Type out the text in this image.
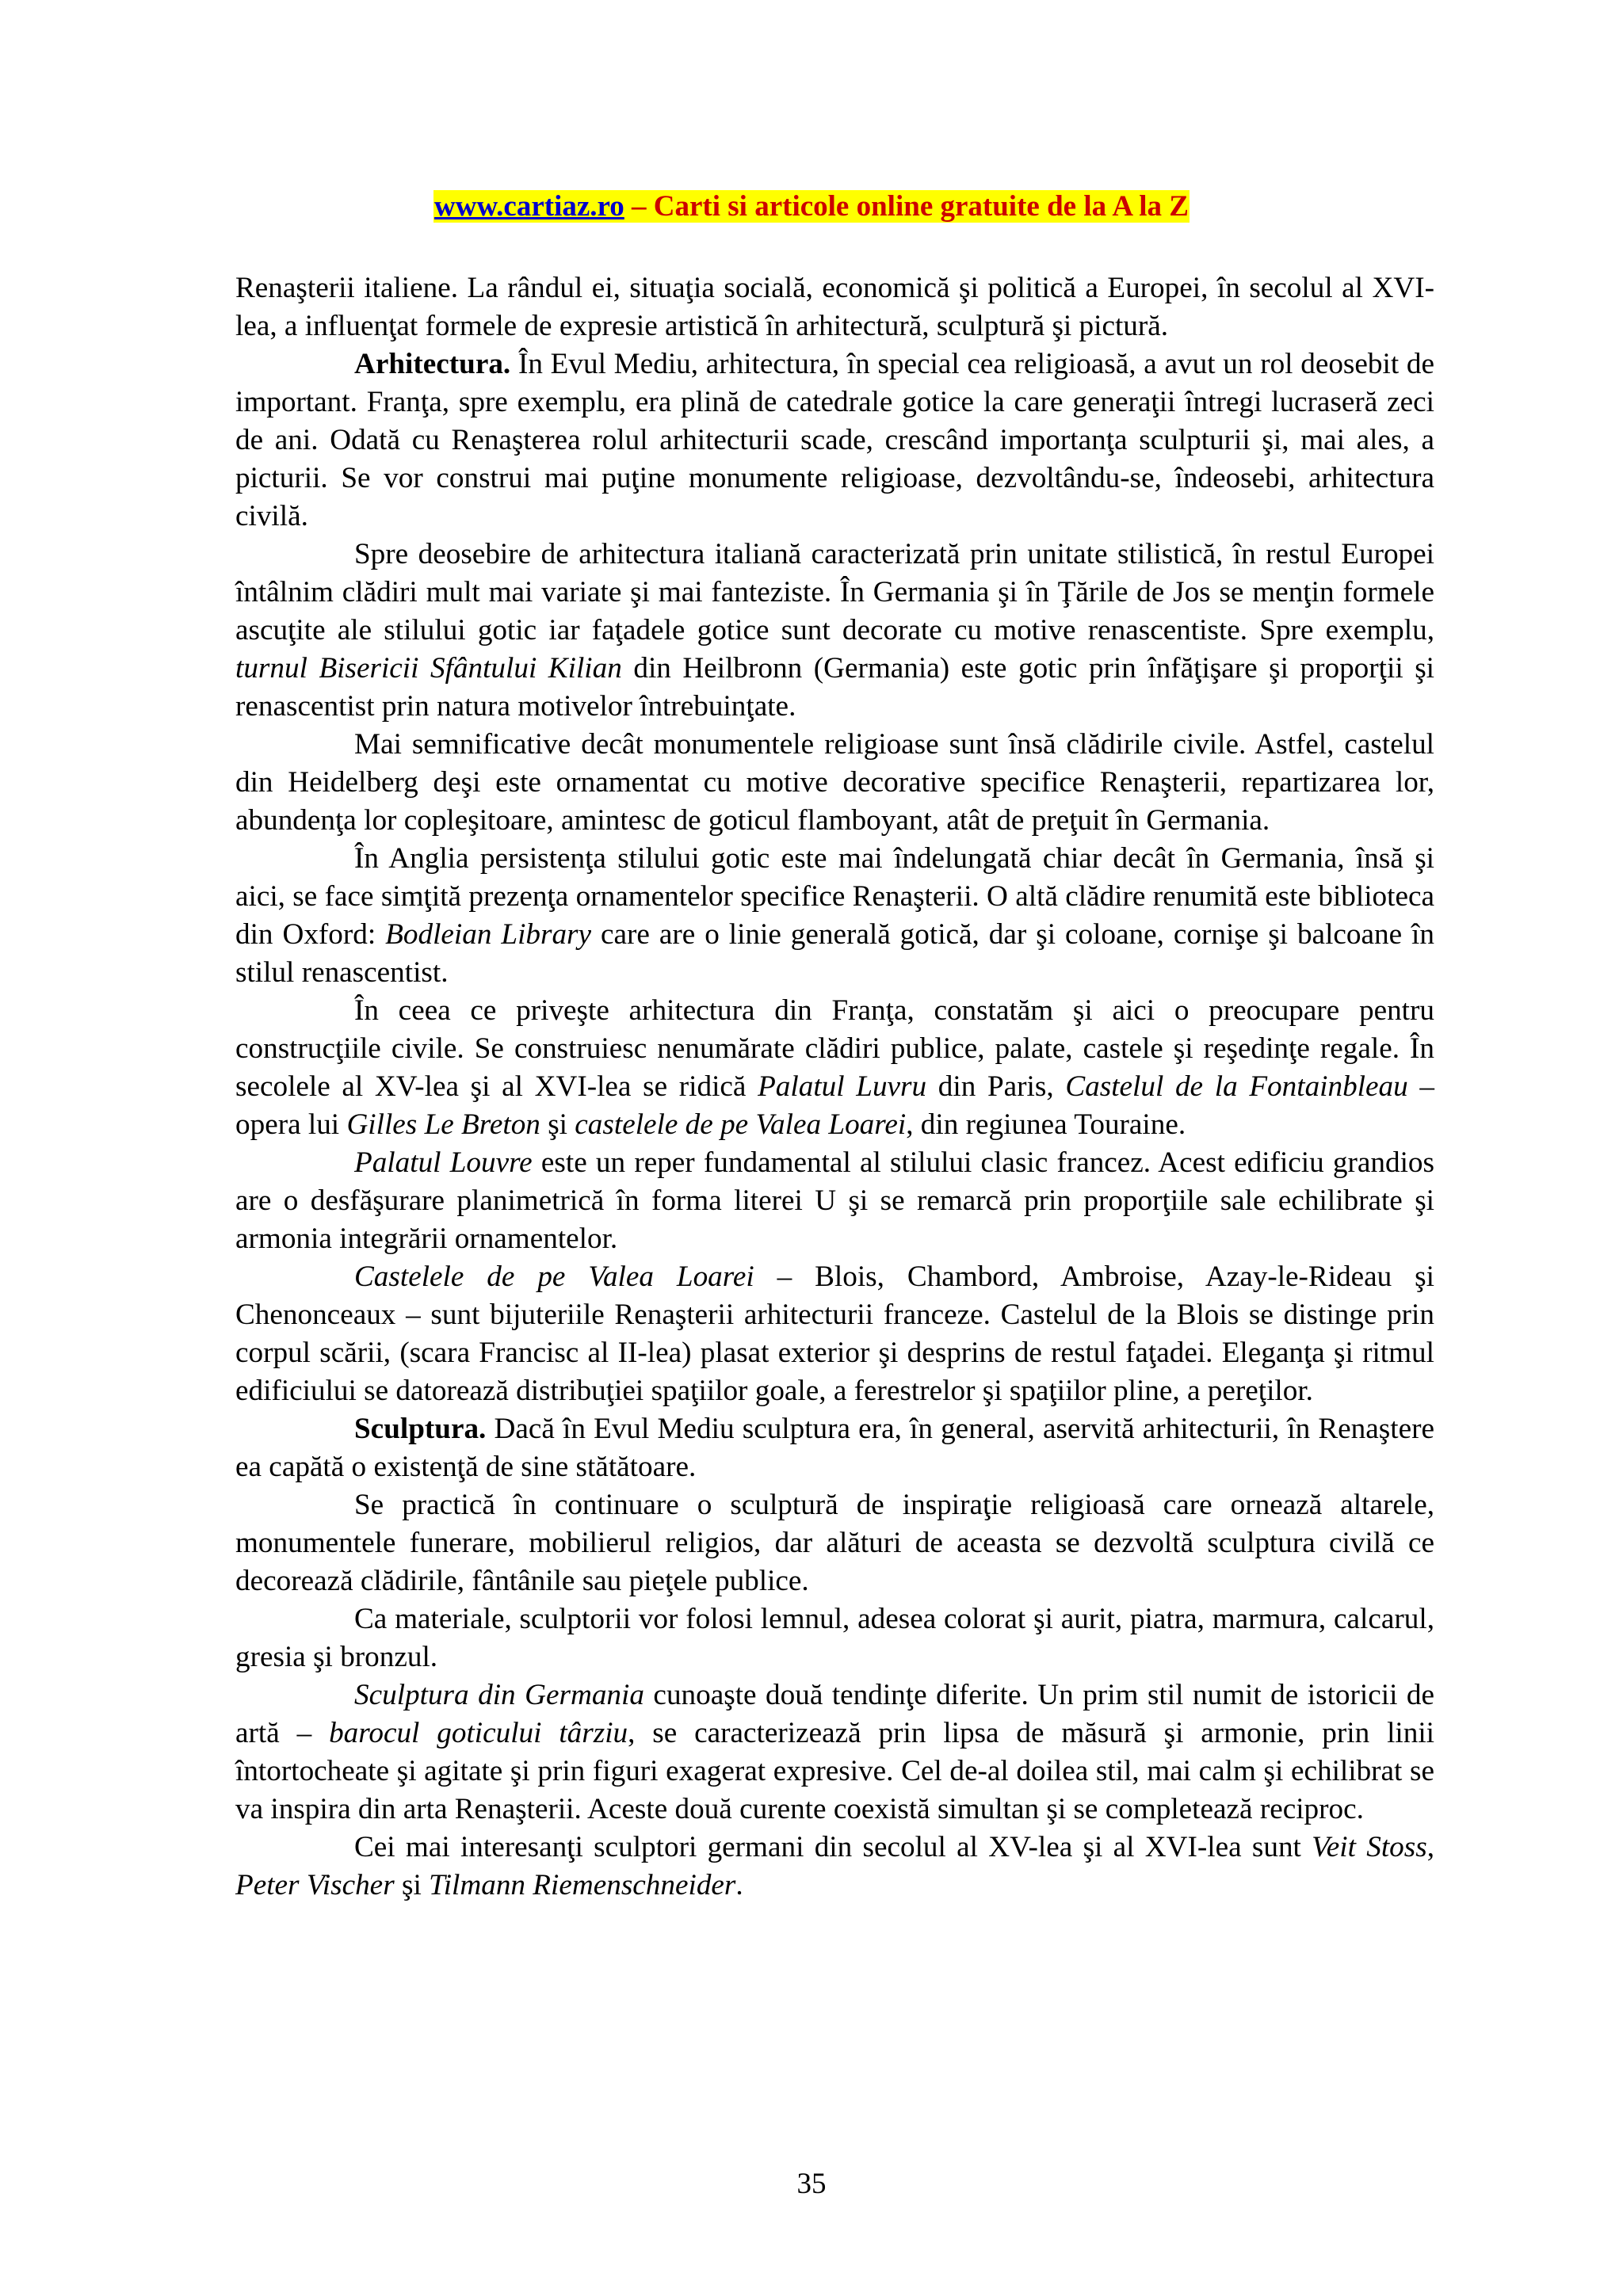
www.cartiaz.ro – Carti si articole online gratuite de la A la Z

Renaşterii italiene. La rândul ei, situaţia socială, economică şi politică a Europei, în secolul al XVI-lea, a influenţat formele de expresie artistică în arhitectură, sculptură şi pictură.

Arhitectura. În Evul Mediu, arhitectura, în special cea religioasă, a avut un rol deosebit de important. Franţa, spre exemplu, era plină de catedrale gotice la care generaţii întregi lucraseră zeci de ani. Odată cu Renaşterea rolul arhitecturii scade, crescând importanţa sculpturii şi, mai ales, a picturii. Se vor construi mai puţine monumente religioase, dezvoltându-se, îndeosebi, arhitectura civilă.

Spre deosebire de arhitectura italiană caracterizată prin unitate stilistică, în restul Europei întâlnim clădiri mult mai variate şi mai fanteziste. În Germania şi în Ţările de Jos se menţin formele ascuţite ale stilului gotic iar faţadele gotice sunt decorate cu motive renascentiste. Spre exemplu, turnul Bisericii Sfântului Kilian din Heilbronn (Germania) este gotic prin înfăţişare şi proporţii şi renascentist prin natura motivelor întrebuinţate.

Mai semnificative decât monumentele religioase sunt însă clădirile civile. Astfel, castelul din Heidelberg deşi este ornamentat cu motive decorative specifice Renaşterii, repartizarea lor, abundenţa lor copleşitoare, amintesc de goticul flamboyant, atât de preţuit în Germania.

În Anglia persistenţa stilului gotic este mai îndelungată chiar decât în Germania, însă şi aici, se face simţită prezenţa ornamentelor specifice Renaşterii. O altă clădire renumită este biblioteca din Oxford: Bodleian Library care are o linie generală gotică, dar şi coloane, cornişe şi balcoane în stilul renascentist.

În ceea ce priveşte arhitectura din Franţa, constatăm şi aici o preocupare pentru construcţiile civile. Se construiesc nenumărate clădiri publice, palate, castele şi reşedinţe regale. În secolele al XV-lea şi al XVI-lea se ridică Palatul Luvru din Paris, Castelul de la Fontainbleau – opera lui Gilles Le Breton şi castelele de pe Valea Loarei, din regiunea Touraine.

Palatul Louvre este un reper fundamental al stilului clasic francez. Acest edificiu grandios are o desfăşurare planimetrică în forma literei U şi se remarcă prin proporţiile sale echilibrate şi armonia integrării ornamentelor.

Castelele de pe Valea Loarei – Blois, Chambord, Ambroise, Azay-le-Rideau şi Chenonceaux – sunt bijuteriile Renaşterii arhitecturii franceze. Castelul de la Blois se distinge prin corpul scării, (scara Francisc al II-lea) plasat exterior şi desprins de restul faţadei. Eleganţa şi ritmul edificiului se datorează distribuţiei spaţiilor goale, a ferestrelor şi spaţiilor pline, a pereţilor.

Sculptura. Dacă în Evul Mediu sculptura era, în general, aservită arhitecturii, în Renaştere ea capătă o existenţă de sine stătătoare.

Se practică în continuare o sculptură de inspiraţie religioasă care ornează altarele, monumentele funerare, mobilierul religios, dar alături de aceasta se dezvoltă sculptura civilă ce decorează clădirile, fântânile sau pieţele publice.

Ca materiale, sculptorii vor folosi lemnul, adesea colorat şi aurit, piatra, marmura, calcarul, gresia şi bronzul.

Sculptura din Germania cunoaşte două tendinţe diferite. Un prim stil numit de istoricii de artă – barocul goticului târziu, se caracterizează prin lipsa de măsură şi armonie, prin linii întortocheate şi agitate şi prin figuri exagerat expresive. Cel de-al doilea stil, mai calm şi echilibrat se va inspira din arta Renaşterii. Aceste două curente coexistă simultan şi se completează reciproc.

Cei mai interesanţi sculptori germani din secolul al XV-lea şi al XVI-lea sunt Veit Stoss, Peter Vischer şi Tilmann Riemenschneider.

35
